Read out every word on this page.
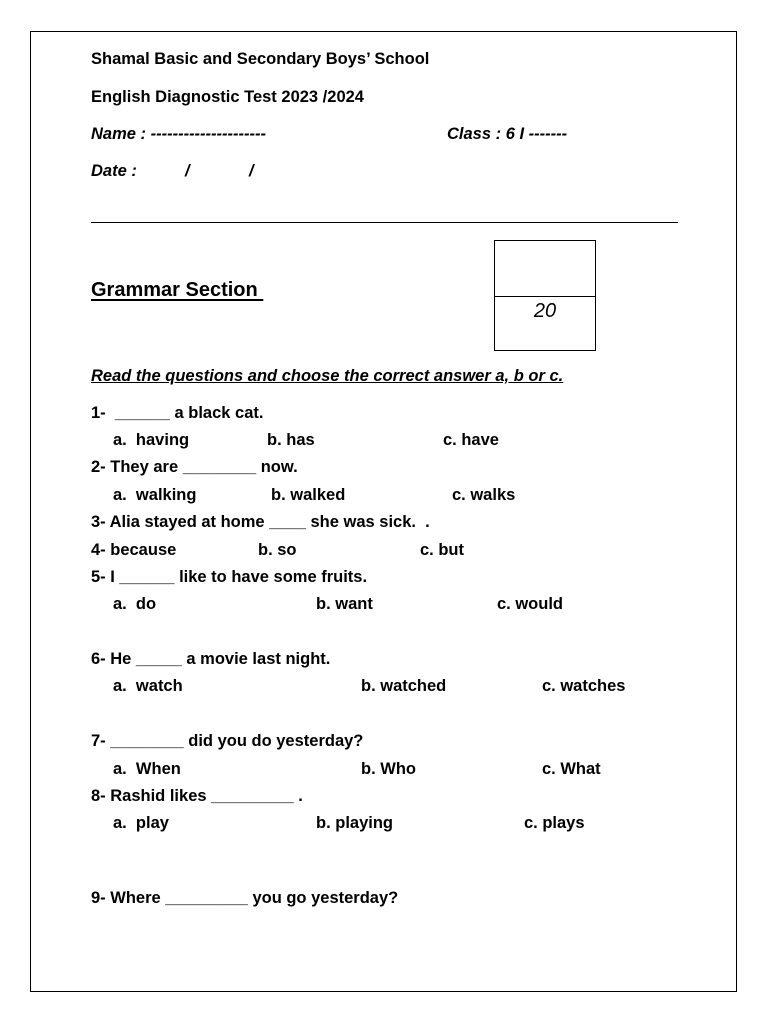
Shamal Basic and Secondary Boys’ School
English Diagnostic Test 2023 /2024
Name : ---------------------	Class : 6 I -------
Date :	/	/
20
Grammar Section
Read the questions and choose the correct answer a, b or c.
1-  ______ a black cat.
a.  having	b. has	c. have
2- They are ________ now.
a.  walking	b. walked	c. walks
3- Alia stayed at home ____ she was sick.  .
4- because	b. so	c. but
5- I ______ like to have some fruits.
a.  do	b. want	c. would
6- He _____ a movie last night.
a.  watch	b. watched	c. watches
7- ________ did you do yesterday?
a.  When	b. Who	c. What
8- Rashid likes _________ .
a.  play	b. playing	c. plays
9- Where _________ you go yesterday?
